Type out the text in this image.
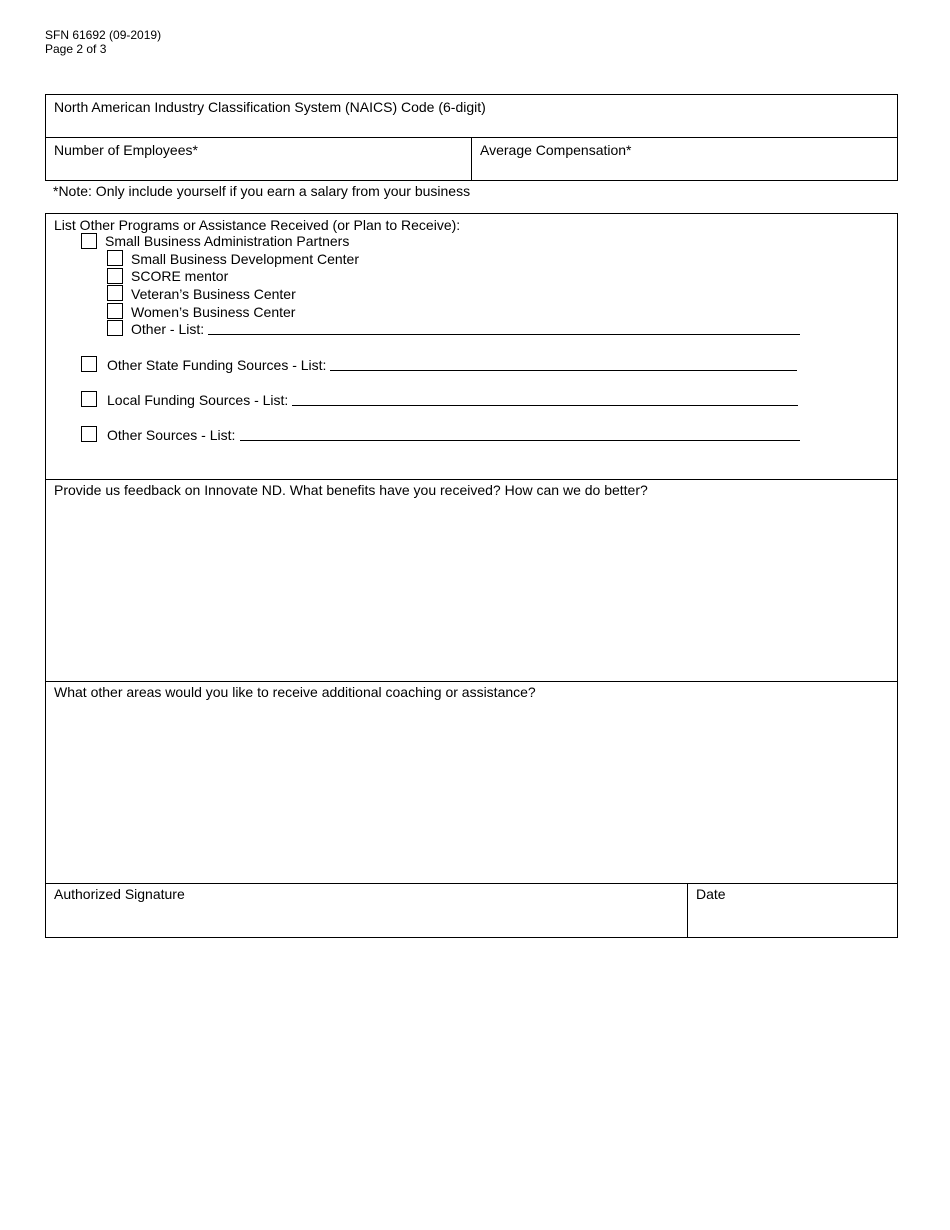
SFN 61692 (09-2019)
Page 2 of 3
North American Industry Classification System (NAICS) Code (6-digit)
Number of Employees*	Average Compensation*
*Note: Only include yourself if you earn a salary from your business
List Other Programs or Assistance Received (or Plan to Receive):
Small Business Administration Partners
Small Business Development Center
SCORE mentor
Veteran’s Business Center
Women’s Business Center
Other - List:
Other State Funding Sources - List:
Local Funding Sources - List:
Other Sources - List:
Provide us feedback on Innovate ND. What benefits have you received? How can we do better?
What other areas would you like to receive additional coaching or assistance?
Authorized Signature	Date
